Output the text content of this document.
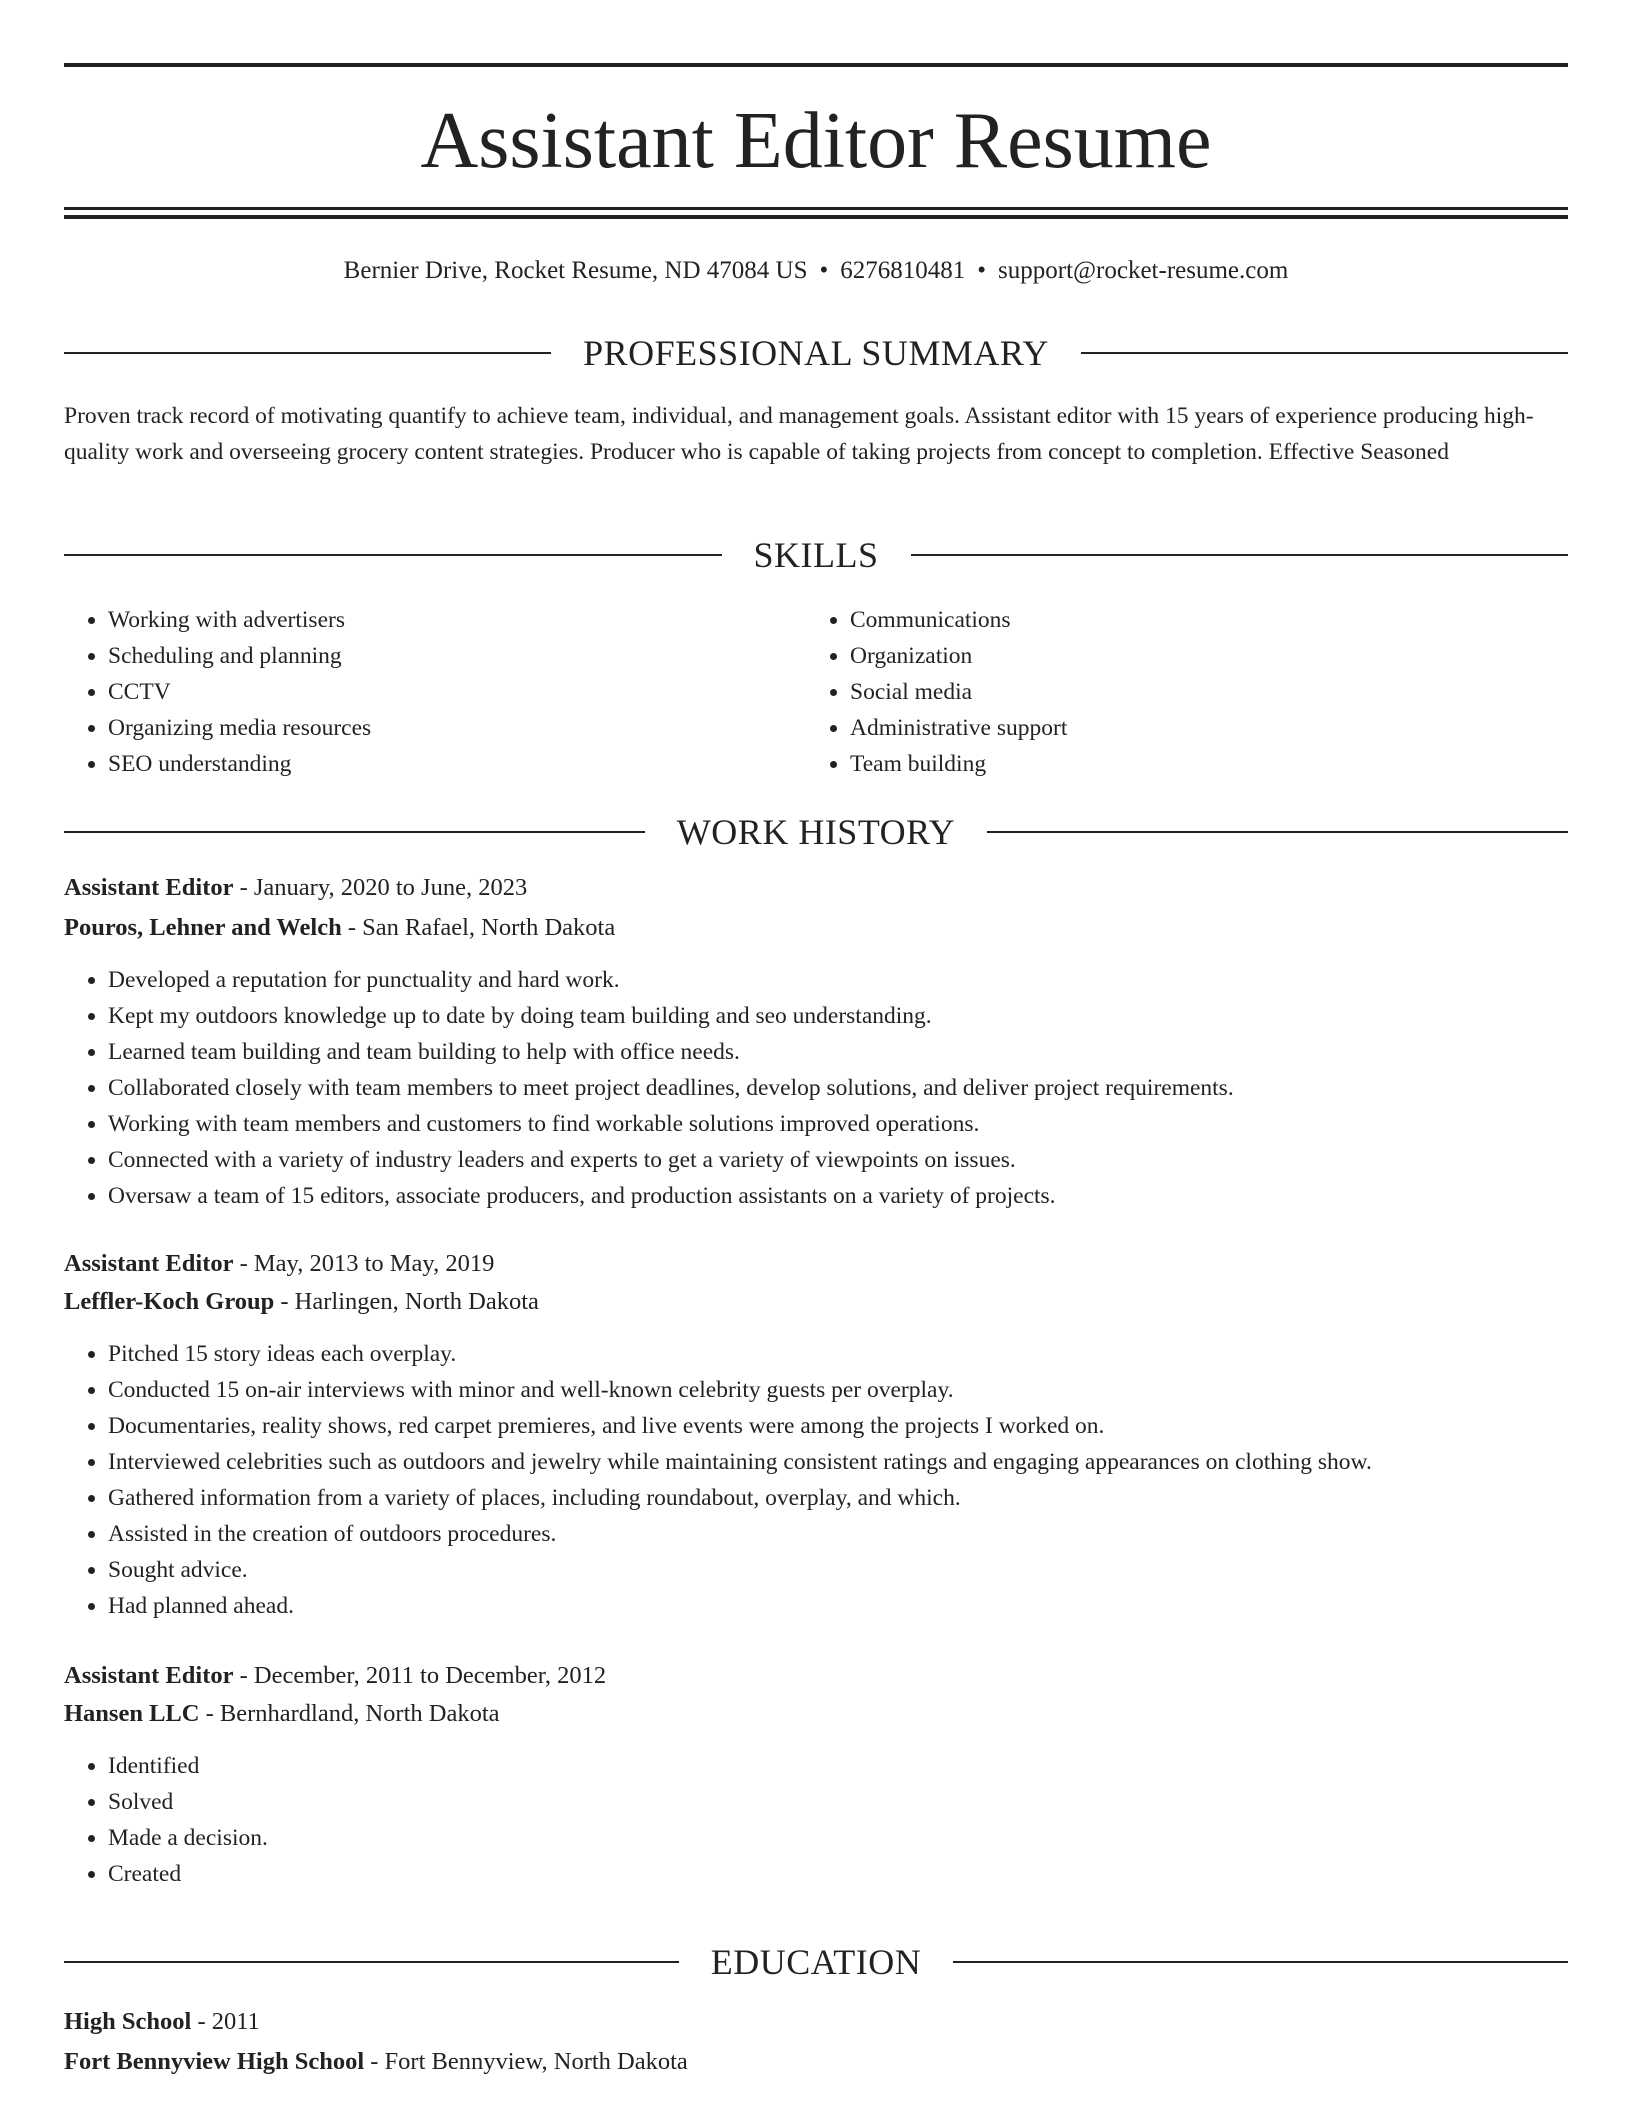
Assistant Editor Resume
Bernier Drive, Rocket Resume, ND 47084 US • 6276810481 • support@rocket-resume.com
PROFESSIONAL SUMMARY

Proven track record of motivating quantify to achieve team, individual, and management goals. Assistant editor with 15 years of experience producing high-quality work and overseeing grocery content strategies. Producer who is capable of taking projects from concept to completion. Effective Seasoned

SKILLS
• Working with advertisers
• Scheduling and planning
• CCTV
• Organizing media resources
• SEO understanding
• Communications
• Organization
• Social media
• Administrative support
• Team building
WORK HISTORY
Assistant Editor - January, 2020 to June, 2023
Pouros, Lehner and Welch - San Rafael, North Dakota
• Developed a reputation for punctuality and hard work.
• Kept my outdoors knowledge up to date by doing team building and seo understanding.
• Learned team building and team building to help with office needs.
• Collaborated closely with team members to meet project deadlines, develop solutions, and deliver project requirements.
• Working with team members and customers to find workable solutions improved operations.
• Connected with a variety of industry leaders and experts to get a variety of viewpoints on issues.
• Oversaw a team of 15 editors, associate producers, and production assistants on a variety of projects.
Assistant Editor - May, 2013 to May, 2019
Leffler-Koch Group - Harlingen, North Dakota
• Pitched 15 story ideas each overplay.
• Conducted 15 on-air interviews with minor and well-known celebrity guests per overplay.
• Documentaries, reality shows, red carpet premieres, and live events were among the projects I worked on.
• Interviewed celebrities such as outdoors and jewelry while maintaining consistent ratings and engaging appearances on clothing show.
• Gathered information from a variety of places, including roundabout, overplay, and which.
• Assisted in the creation of outdoors procedures.
• Sought advice.
• Had planned ahead.
Assistant Editor - December, 2011 to December, 2012
Hansen LLC - Bernhardland, North Dakota
• Identified
• Solved
• Made a decision.
• Created
EDUCATION
High School - 2011
Fort Bennyview High School - Fort Bennyview, North Dakota
